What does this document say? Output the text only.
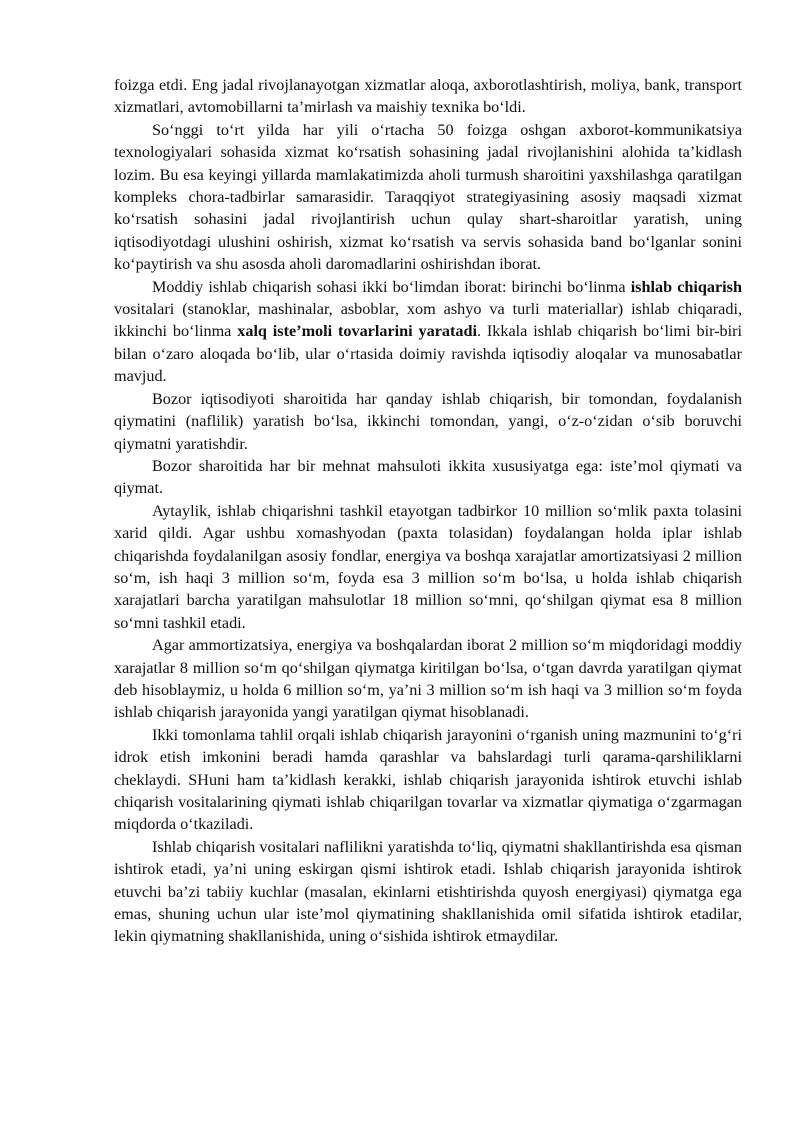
foizga etdi. Eng jadal rivojlanayotgan xizmatlar aloqa, axborotlashtirish, moliya, bank, transport xizmatlari, avtomobillarni taʼmirlash va maishiy texnika boʻldi.

Soʻnggi toʻrt yilda har yili oʻrtacha 50 foizga oshgan axborot-kommunikatsiya texnologiyalari sohasida xizmat koʻrsatish sohasining jadal rivojlanishini alohida taʼkidlash lozim. Bu esa keyingi yillarda mamlakatimizda aholi turmush sharoitini yaxshilashga qaratilgan kompleks chora-tadbirlar samarasidir. Taraqqiyot strategiyasining asosiy maqsadi xizmat koʻrsatish sohasini jadal rivojlantirish uchun qulay shart-sharoitlar yaratish, uning iqtisodiyotdagi ulushini oshirish, xizmat koʻrsatish va servis sohasida band boʻlganlar sonini koʻpaytirish va shu asosda aholi daromadlarini oshirishdan iborat.

Moddiy ishlab chiqarish sohasi ikki boʻlimdan iborat: birinchi boʻlinma ishlab chiqarish vositalari (stanoklar, mashinalar, asboblar, xom ashyo va turli materiallar) ishlab chiqaradi, ikkinchi boʻlinma xalq isteʼmoli tovarlarini yaratadi. Ikkala ishlab chiqarish boʻlimi bir-biri bilan oʻzaro aloqada boʻlib, ular oʻrtasida doimiy ravishda iqtisodiy aloqalar va munosabatlar mavjud.

Bozor iqtisodiyoti sharoitida har qanday ishlab chiqarish, bir tomondan, foydalanish qiymatini (naflilik) yaratish boʻlsa, ikkinchi tomondan, yangi, oʻz-oʻzidan oʻsib boruvchi qiymatni yaratishdir.

Bozor sharoitida har bir mehnat mahsuloti ikkita xususiyatga ega: isteʼmol qiymati va qiymat.

Aytaylik, ishlab chiqarishni tashkil etayotgan tadbirkor 10 million soʻmlik paxta tolasini xarid qildi. Agar ushbu xomashyodan (paxta tolasidan) foydalangan holda iplar ishlab chiqarishda foydalanilgan asosiy fondlar, energiya va boshqa xarajatlar amortizatsiyasi 2 million soʻm, ish haqi 3 million soʻm, foyda esa 3 million soʻm boʻlsa, u holda ishlab chiqarish xarajatlari barcha yaratilgan mahsulotlar 18 million soʻmni, qoʻshilgan qiymat esa 8 million soʻmni tashkil etadi.

Agar ammortizatsiya, energiya va boshqalardan iborat 2 million soʻm miqdoridagi moddiy xarajatlar 8 million soʻm qoʻshilgan qiymatga kiritilgan boʻlsa, oʻtgan davrda yaratilgan qiymat deb hisoblaymiz, u holda 6 million soʻm, yaʼni 3 million soʻm ish haqi va 3 million soʻm foyda ishlab chiqarish jarayonida yangi yaratilgan qiymat hisoblanadi.

Ikki tomonlama tahlil orqali ishlab chiqarish jarayonini oʻrganish uning mazmunini toʻgʻri idrok etish imkonini beradi hamda qarashlar va bahslardagi turli qarama-qarshiliklarni cheklaydi. SHuni ham taʼkidlash kerakki, ishlab chiqarish jarayonida ishtirok etuvchi ishlab chiqarish vositalarining qiymati ishlab chiqarilgan tovarlar va xizmatlar qiymatiga oʻzgarmagan miqdorda oʻtkaziladi.

Ishlab chiqarish vositalari naflilikni yaratishda toʻliq, qiymatni shakllantirishda esa qisman ishtirok etadi, yaʼni uning eskirgan qismi ishtirok etadi. Ishlab chiqarish jarayonida ishtirok etuvchi baʼzi tabiiy kuchlar (masalan, ekinlarni etishtirishda quyosh energiyasi) qiymatga ega emas, shuning uchun ular isteʼmol qiymatining shakllanishida omil sifatida ishtirok etadilar, lekin qiymatning shakllanishida, uning oʻsishida ishtirok etmaydilar.
